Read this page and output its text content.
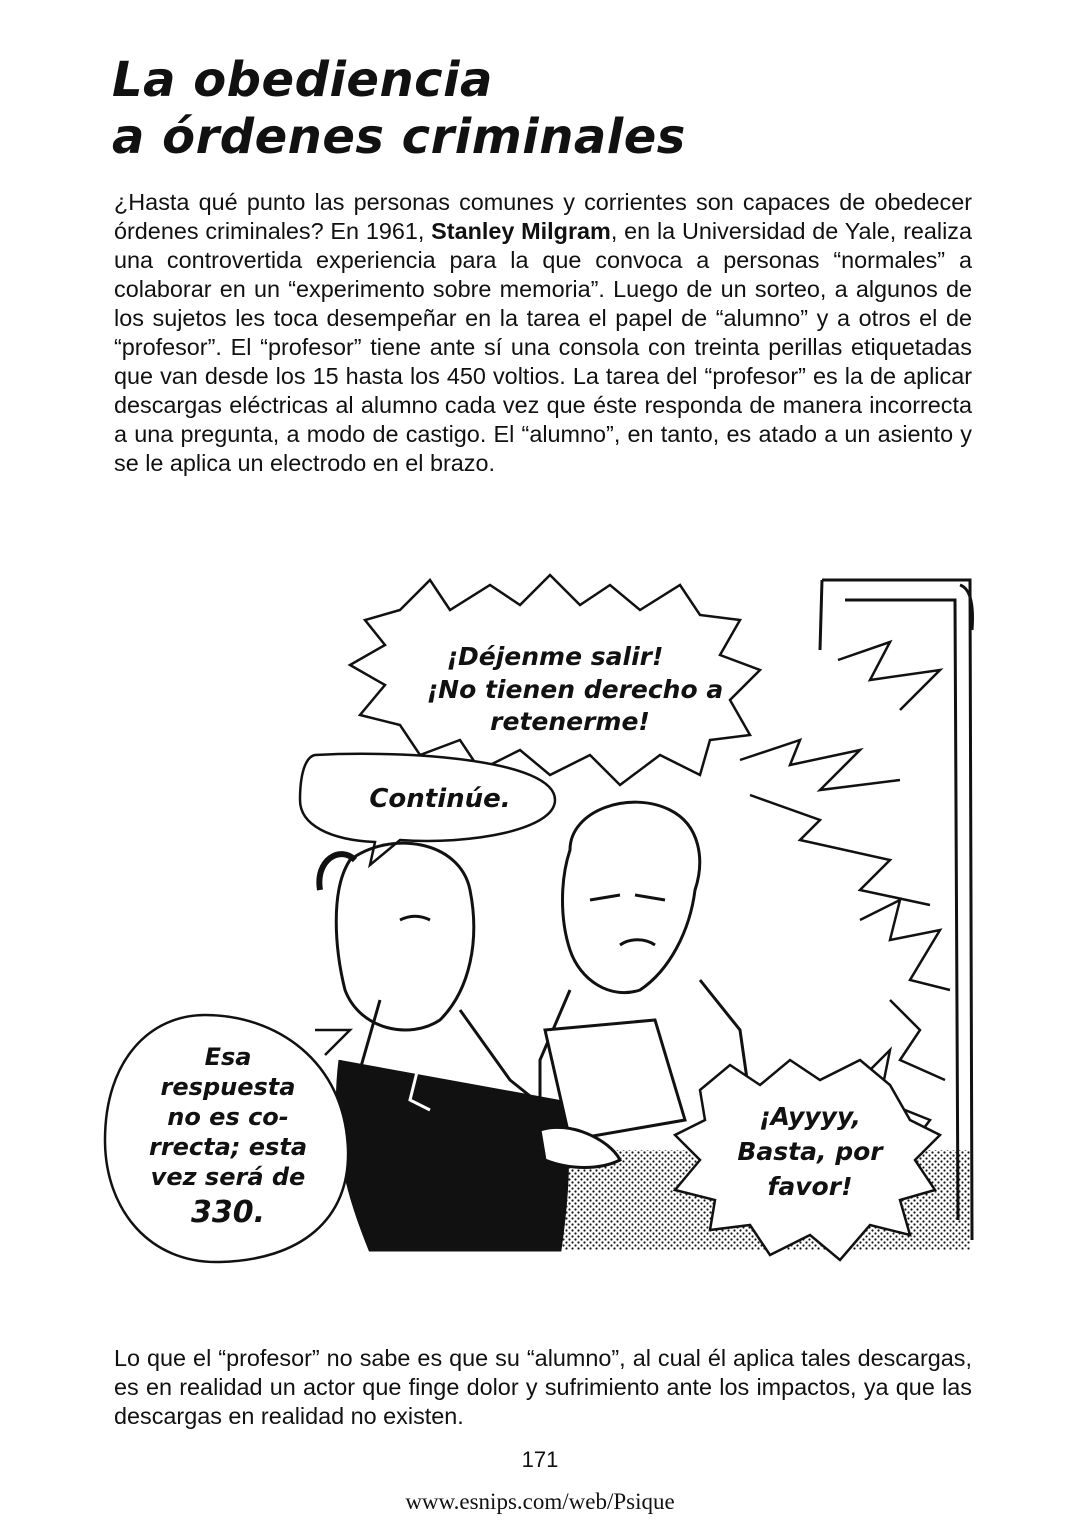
La obediencia
a órdenes criminales

¿Hasta qué punto las personas comunes y corrientes son capaces de obedecer órdenes criminales? En 1961, Stanley Milgram, en la Universidad de Yale, realiza una controvertida experiencia para la que convoca a personas “normales” a colaborar en un “experimento sobre memoria”. Luego de un sorteo, a algunos de los sujetos les toca desempeñar en la tarea el papel de “alumno” y a otros el de “profesor”. El “profesor” tiene ante sí una consola con treinta perillas etiquetadas que van desde los 15 hasta los 450 voltios. La tarea del “profesor” es la de aplicar descargas eléctricas al alumno cada vez que éste responda de manera incorrecta a una pregunta, a modo de castigo. El “alumno”, en tanto, es atado a un asiento y se le aplica un electrodo en el brazo.

¡Déjenme salir!
¡No tienen derecho a
retenerme!
Continúe.
Esa
respuesta
no es co-
rrecta; esta
vez será de
330.
¡Ayyyy,
Basta, por
favor!

Lo que el “profesor” no sabe es que su “alumno”, al cual él aplica tales descargas, es en realidad un actor que finge dolor y sufrimiento ante los impactos, ya que las descargas en realidad no existen.

171
www.esnips.com/web/Psique
